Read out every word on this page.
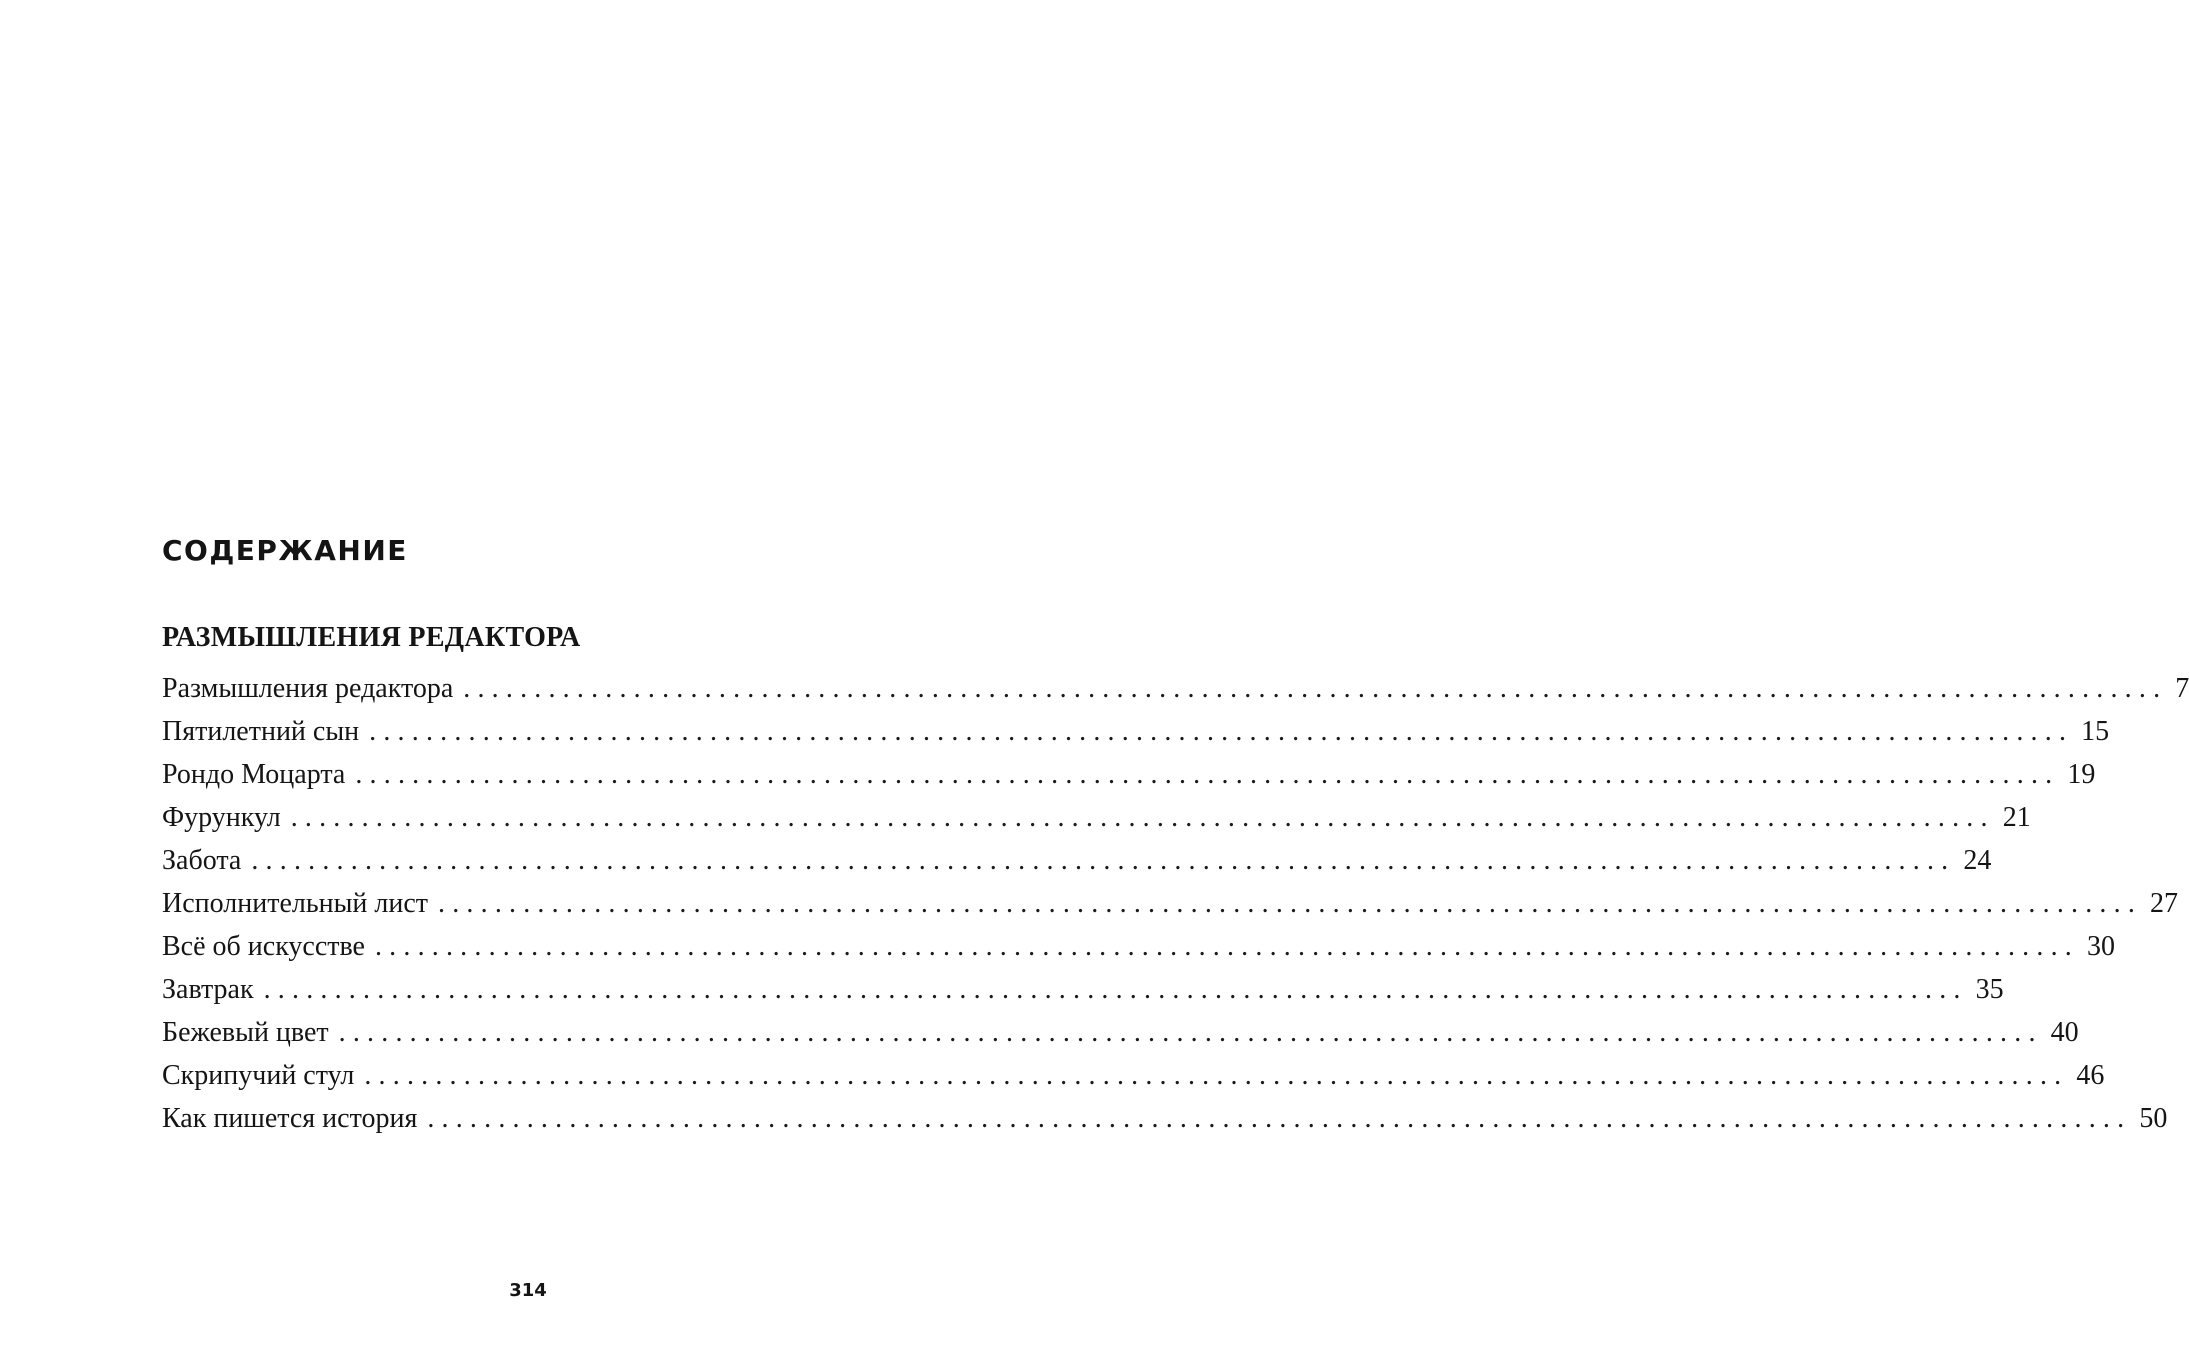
СОДЕРЖАНИЕ
РАЗМЫШЛЕНИЯ РЕДАКТОРА
Размышления редактора ........................................................................................................................ 7
Пятилетний сын ........................................................................................................................ 15
Рондо Моцарта ........................................................................................................................ 19
Фурункул ........................................................................................................................ 21
Забота ........................................................................................................................ 24
Исполнительный лист ........................................................................................................................ 27
Всё об искусстве ........................................................................................................................ 30
Завтрак ........................................................................................................................ 35
Бежевый цвет ........................................................................................................................ 40
Скрипучий стул ........................................................................................................................ 46
Как пишется история ........................................................................................................................ 50
314
